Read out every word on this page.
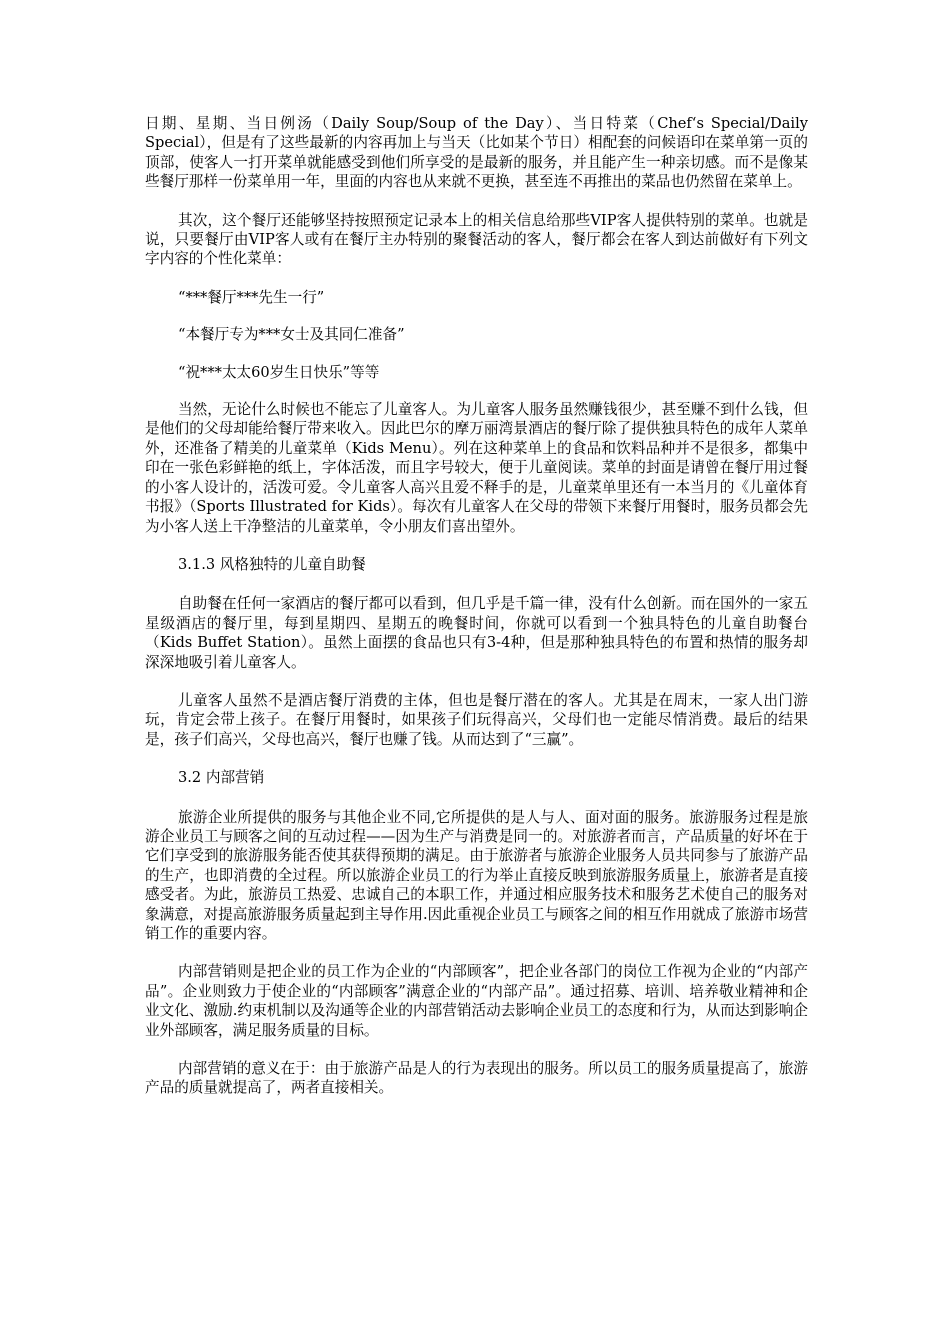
日期、星期、当日例汤（Daily Soup/Soup of the Day）、当日特菜（Chef‘s Special/Daily Special），但是有了这些最新的内容再加上与当天（比如某个节日）相配套的问候语印在菜单第一页的顶部，使客人一打开菜单就能感受到他们所享受的是最新的服务，并且能产生一种亲切感。而不是像某些餐厅那样一份菜单用一年，里面的内容也从来就不更换，甚至连不再推出的菜品也仍然留在菜单上。

其次，这个餐厅还能够坚持按照预定记录本上的相关信息给那些VIP客人提供特别的菜单。也就是说，只要餐厅由VIP客人或有在餐厅主办特别的聚餐活动的客人，餐厅都会在客人到达前做好有下列文字内容的个性化菜单：

“***餐厅***先生一行”

“本餐厅专为***女士及其同仁准备”

“祝***太太60岁生日快乐”等等

当然，无论什么时候也不能忘了儿童客人。为儿童客人服务虽然赚钱很少，甚至赚不到什么钱，但是他们的父母却能给餐厅带来收入。因此巴尔的摩万丽湾景酒店的餐厅除了提供独具特色的成年人菜单外，还准备了精美的儿童菜单（Kids Menu）。列在这种菜单上的食品和饮料品种并不是很多，都集中印在一张色彩鲜艳的纸上，字体活泼，而且字号较大，便于儿童阅读。菜单的封面是请曾在餐厅用过餐的小客人设计的，活泼可爱。令儿童客人高兴且爱不释手的是，儿童菜单里还有一本当月的《儿童体育书报》（Sports Illustrated for Kids）。每次有儿童客人在父母的带领下来餐厅用餐时，服务员都会先为小客人送上干净整洁的儿童菜单，令小朋友们喜出望外。

3.1.3 风格独特的儿童自助餐

自助餐在任何一家酒店的餐厅都可以看到，但几乎是千篇一律，没有什么创新。而在国外的一家五星级酒店的餐厅里，每到星期四、星期五的晚餐时间，你就可以看到一个独具特色的儿童自助餐台（Kids Buffet Station）。虽然上面摆的食品也只有3-4种，但是那种独具特色的布置和热情的服务却深深地吸引着儿童客人。

儿童客人虽然不是酒店餐厅消费的主体，但也是餐厅潜在的客人。尤其是在周末，一家人出门游玩，肯定会带上孩子。在餐厅用餐时，如果孩子们玩得高兴，父母们也一定能尽情消费。最后的结果是，孩子们高兴，父母也高兴，餐厅也赚了钱。从而达到了“三赢”。

3.2 内部营销

旅游企业所提供的服务与其他企业不同,它所提供的是人与人、面对面的服务。旅游服务过程是旅游企业员工与顾客之间的互动过程——因为生产与消费是同一的。对旅游者而言，产品质量的好坏在于它们享受到的旅游服务能否使其获得预期的满足。由于旅游者与旅游企业服务人员共同参与了旅游产品的生产，也即消费的全过程。所以旅游企业员工的行为举止直接反映到旅游服务质量上，旅游者是直接感受者。为此，旅游员工热爱、忠诚自己的本职工作，并通过相应服务技术和服务艺术使自己的服务对象满意，对提高旅游服务质量起到主导作用.因此重视企业员工与顾客之间的相互作用就成了旅游市场营销工作的重要内容。

内部营销则是把企业的员工作为企业的“内部顾客”，把企业各部门的岗位工作视为企业的“内部产品”。企业则致力于使企业的“内部顾客”满意企业的“内部产品”。通过招募、培训、培养敬业精神和企业文化、激励.约束机制以及沟通等企业的内部营销活动去影响企业员工的态度和行为，从而达到影响企业外部顾客，满足服务质量的目标。

内部营销的意义在于：由于旅游产品是人的行为表现出的服务。所以员工的服务质量提高了，旅游产品的质量就提高了，两者直接相关。
